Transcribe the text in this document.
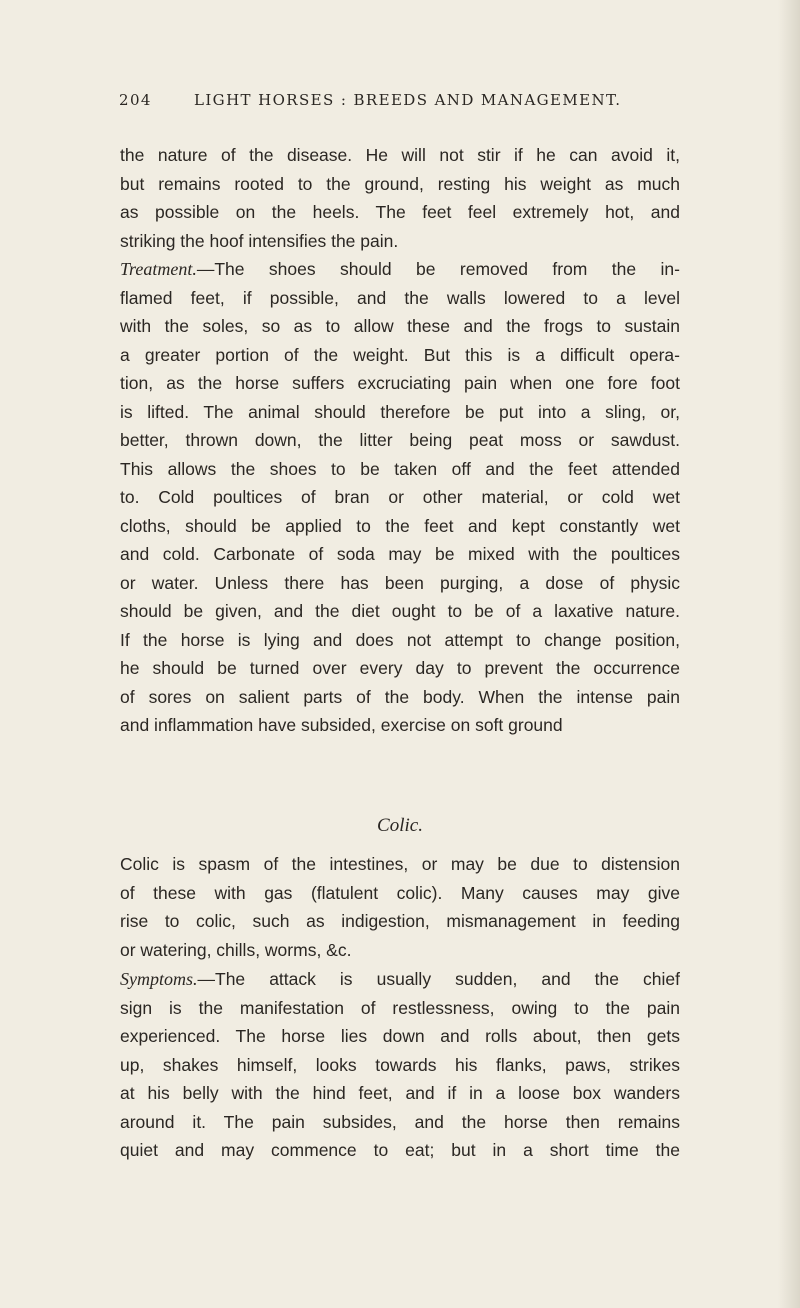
204	LIGHT HORSES : BREEDS AND MANAGEMENT.
the nature of the disease. He will not stir if he can avoid it,
but remains rooted to the ground, resting his weight as much
as possible on the heels. The feet feel extremely hot, and
striking the hoof intensifies the pain.
Treatment.—The shoes should be removed from the in-
flamed feet, if possible, and the walls lowered to a level
with the soles, so as to allow these and the frogs to sustain
a greater portion of the weight. But this is a difficult opera-
tion, as the horse suffers excruciating pain when one fore foot
is lifted. The animal should therefore be put into a sling, or,
better, thrown down, the litter being peat moss or sawdust.
This allows the shoes to be taken off and the feet attended
to. Cold poultices of bran or other material, or cold wet
cloths, should be applied to the feet and kept constantly wet
and cold. Carbonate of soda may be mixed with the poultices
or water. Unless there has been purging, a dose of physic
should be given, and the diet ought to be of a laxative nature.
If the horse is lying and does not attempt to change position,
he should be turned over every day to prevent the occurrence
of sores on salient parts of the body. When the intense pain
and inflammation have subsided, exercise on soft ground
Colic.
Colic is spasm of the intestines, or may be due to distension
of these with gas (flatulent colic). Many causes may give
rise to colic, such as indigestion, mismanagement in feeding
or watering, chills, worms, &c.
Symptoms.—The attack is usually sudden, and the chief
sign is the manifestation of restlessness, owing to the pain
experienced. The horse lies down and rolls about, then gets
up, shakes himself, looks towards his flanks, paws, strikes
at his belly with the hind feet, and if in a loose box wanders
around it. The pain subsides, and the horse then remains
quiet and may commence to eat; but in a short time the
